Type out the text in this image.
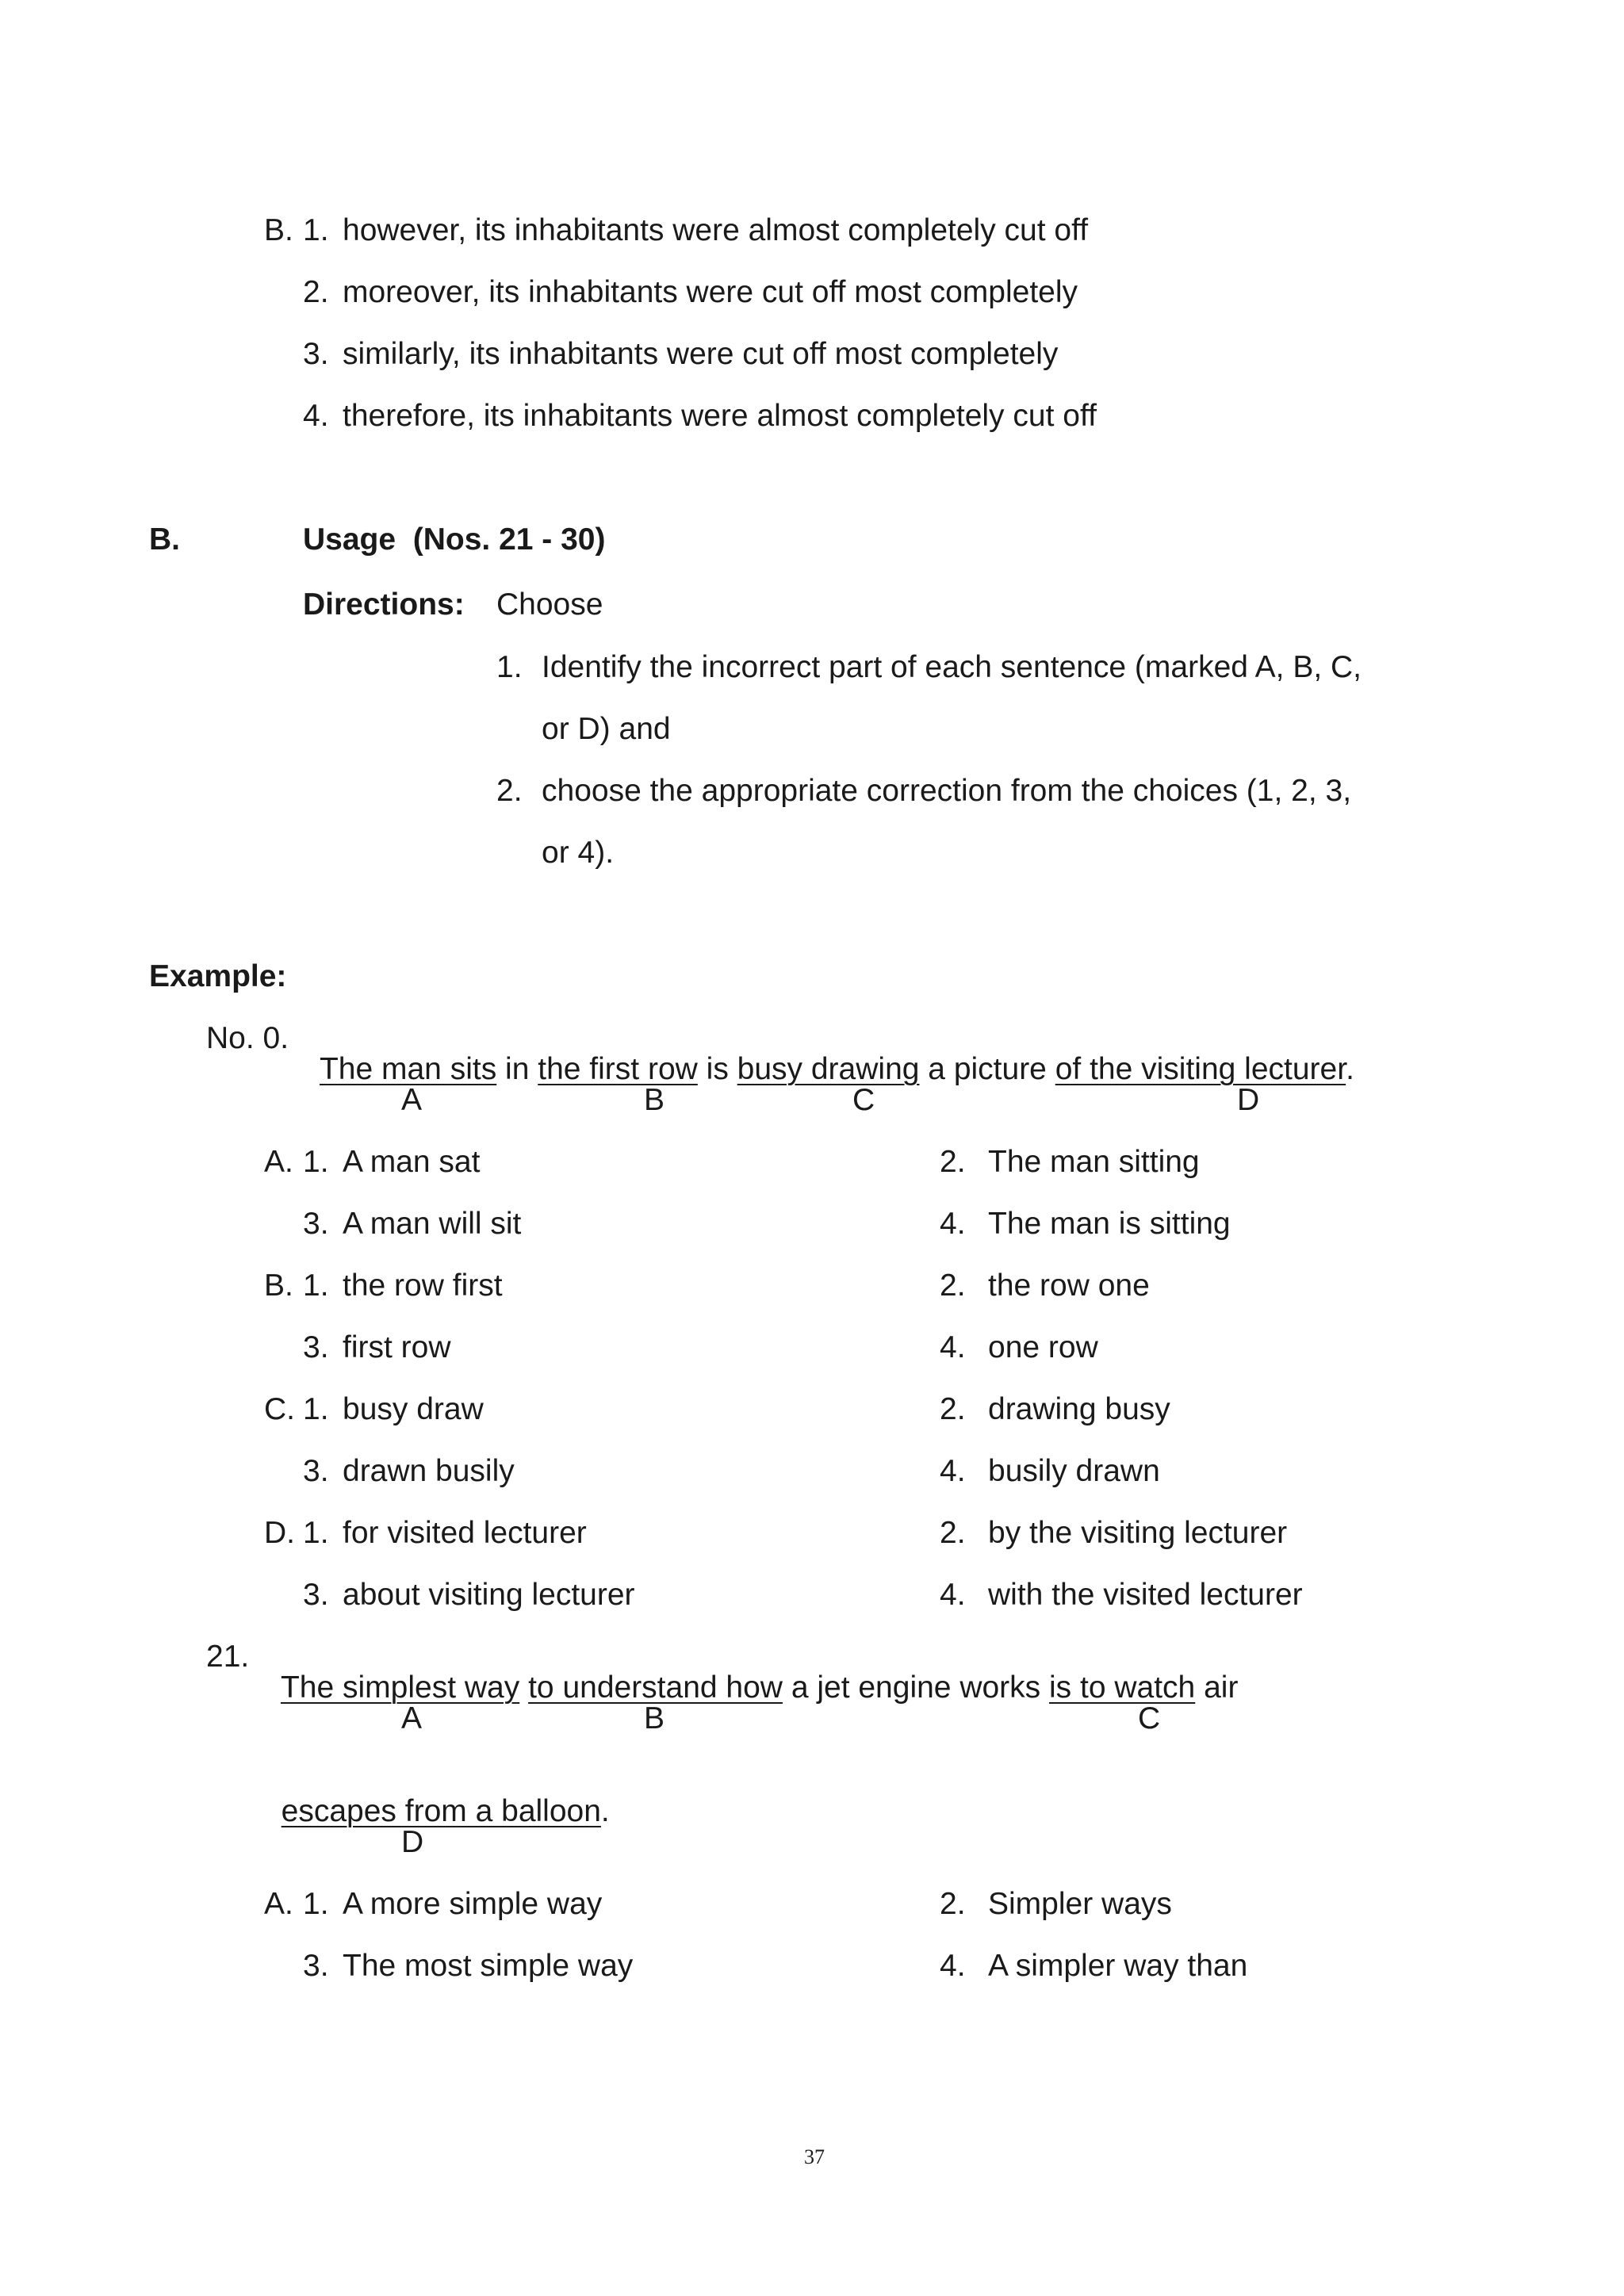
B. 1. however, its inhabitants were almost completely cut off
2. moreover, its inhabitants were cut off most completely
3. similarly, its inhabitants were cut off most completely
4. therefore, its inhabitants were almost completely cut off
B.	Usage  (Nos. 21 - 30)
Directions: Choose
1. Identify the incorrect part of each sentence (marked A, B, C,
or D) and
2. choose the appropriate correction from the choices (1, 2, 3,
or 4).
Example:
No. 0.

The man sits in the first row is busy drawing a picture of the visiting lecturer.

A	B	C	D
A. 1. A man sat	2. The man sitting
3. A man will sit	4. The man is sitting
B. 1. the row first	2. the row one
3. first row	4. one row
C. 1. busy draw	2. drawing busy
3. drawn busily	4. busily drawn
D. 1. for visited lecturer	2. by the visiting lecturer
3. about visiting lecturer	4. with the visited lecturer
21.

The simplest way to understand how a jet engine works is to watch air

A	B	C

escapes from a balloon.

D
A. 1. A more simple way	2. Simpler ways
3. The most simple way	4. A simpler way than
37
